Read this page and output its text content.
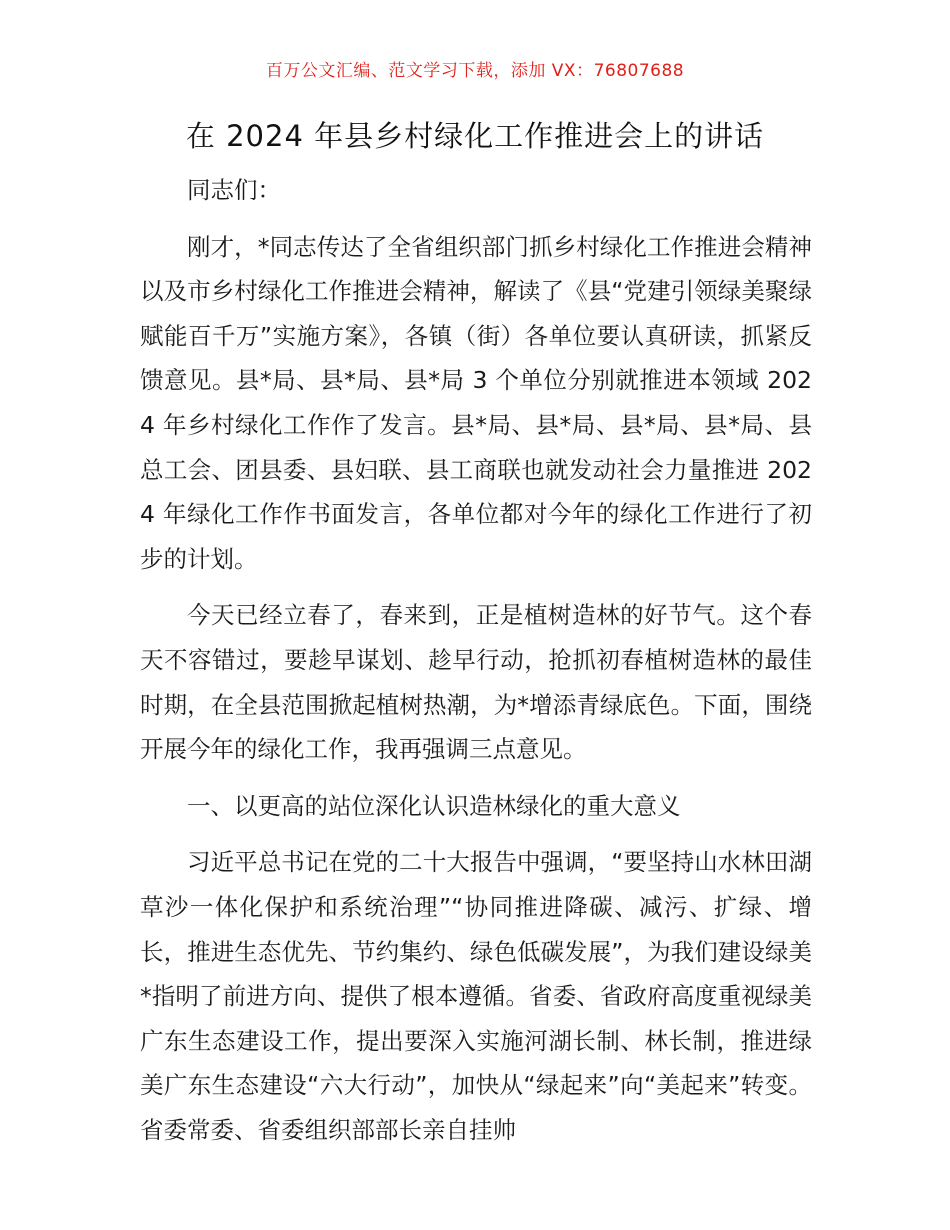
百万公文汇编、范文学习下载，添加 VX：76807688
在 2024 年县乡村绿化工作推进会上的讲话

同志们：

刚才，*同志传达了全省组织部门抓乡村绿化工作推进会精神以及市乡村绿化工作推进会精神，解读了《县“党建引领绿美聚绿赋能百千万”实施方案》，各镇（街）各单位要认真研读，抓紧反馈意见。县*局、县*局、县*局 3 个单位分别就推进本领域 2024 年乡村绿化工作作了发言。县*局、县*局、县*局、县*局、县总工会、团县委、县妇联、县工商联也就发动社会力量推进 2024 年绿化工作作书面发言，各单位都对今年的绿化工作进行了初步的计划。

今天已经立春了，春来到，正是植树造林的好节气。这个春天不容错过，要趁早谋划、趁早行动，抢抓初春植树造林的最佳时期，在全县范围掀起植树热潮，为*增添青绿底色。下面，围绕开展今年的绿化工作，我再强调三点意见。

一、以更高的站位深化认识造林绿化的重大意义

习近平总书记在党的二十大报告中强调，“要坚持山水林田湖草沙一体化保护和系统治理”“协同推进降碳、减污、扩绿、增长，推进生态优先、节约集约、绿色低碳发展”，为我们建设绿美*指明了前进方向、提供了根本遵循。省委、省政府高度重视绿美广东生态建设工作，提出要深入实施河湖长制、林长制，推进绿美广东生态建设“六大行动”，加快从“绿起来”向“美起来”转变。省委常委、省委组织部部长亲自挂帅
